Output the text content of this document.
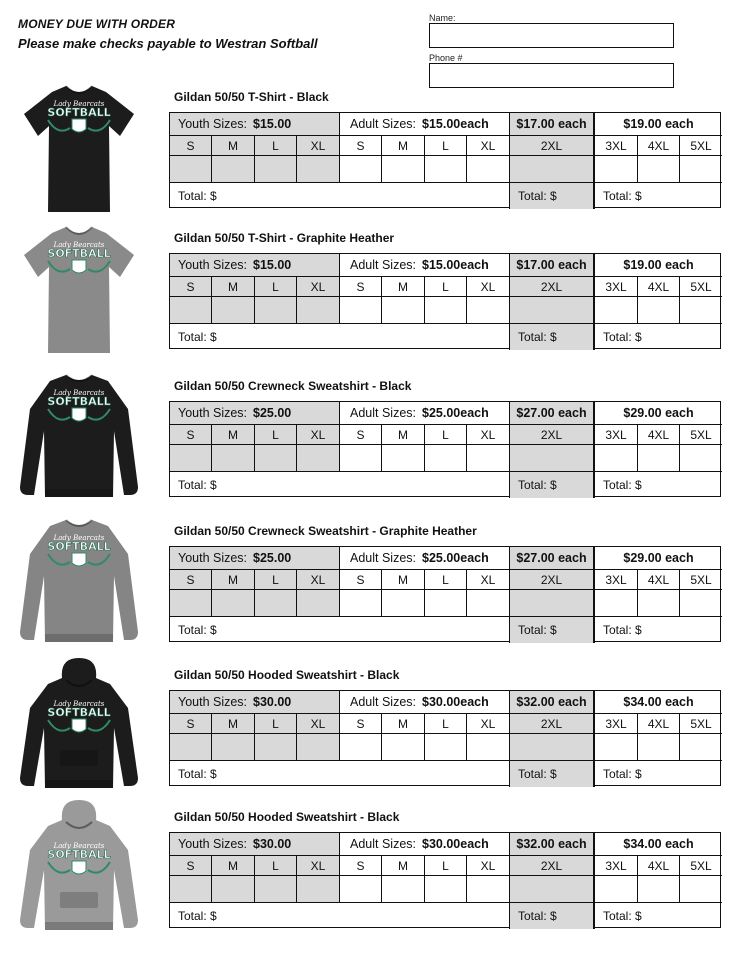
MONEY DUE WITH ORDER
Please make checks payable to Westran Softball
Name:
Phone #
Lady Bearcats
SOFTBALL
Gildan 50/50 T-Shirt - Black
Youth Sizes: $15.00	Adult Sizes: $15.00each $17.00 each	$19.00 each
S	M	L	XL	S	M	L	XL	2XL	3XL 4XL 5XL
Total: $	Total: $	Total: $
Lady Bearcats
SOFTBALL
Gildan 50/50 T-Shirt - Graphite Heather
Youth Sizes: $15.00	Adult Sizes: $15.00each $17.00 each	$19.00 each
S	M	L	XL	S	M	L	XL	2XL	3XL 4XL 5XL
Total: $	Total: $	Total: $
Lady Bearcats
SOFTBALL
Gildan 50/50 Crewneck Sweatshirt - Black
Youth Sizes: $25.00	Adult Sizes: $25.00each $27.00 each	$29.00 each
S	M	L	XL	S	M	L	XL	2XL	3XL 4XL 5XL
Total: $	Total: $	Total: $
Lady Bearcats
SOFTBALL
Gildan 50/50 Crewneck Sweatshirt - Graphite Heather
Youth Sizes: $25.00	Adult Sizes: $25.00each $27.00 each	$29.00 each
S	M	L	XL	S	M	L	XL	2XL	3XL 4XL 5XL
Total: $	Total: $	Total: $
Lady Bearcats
SOFTBALL
Gildan 50/50 Hooded Sweatshirt - Black
Youth Sizes: $30.00	Adult Sizes: $30.00each $32.00 each	$34.00 each
S	M	L	XL	S	M	L	XL	2XL	3XL 4XL 5XL
Total: $	Total: $	Total: $
Lady Bearcats
SOFTBALL
Gildan 50/50 Hooded Sweatshirt - Black
Youth Sizes: $30.00	Adult Sizes: $30.00each $32.00 each	$34.00 each
S	M	L	XL	S	M	L	XL	2XL	3XL 4XL 5XL
Total: $	Total: $	Total: $
